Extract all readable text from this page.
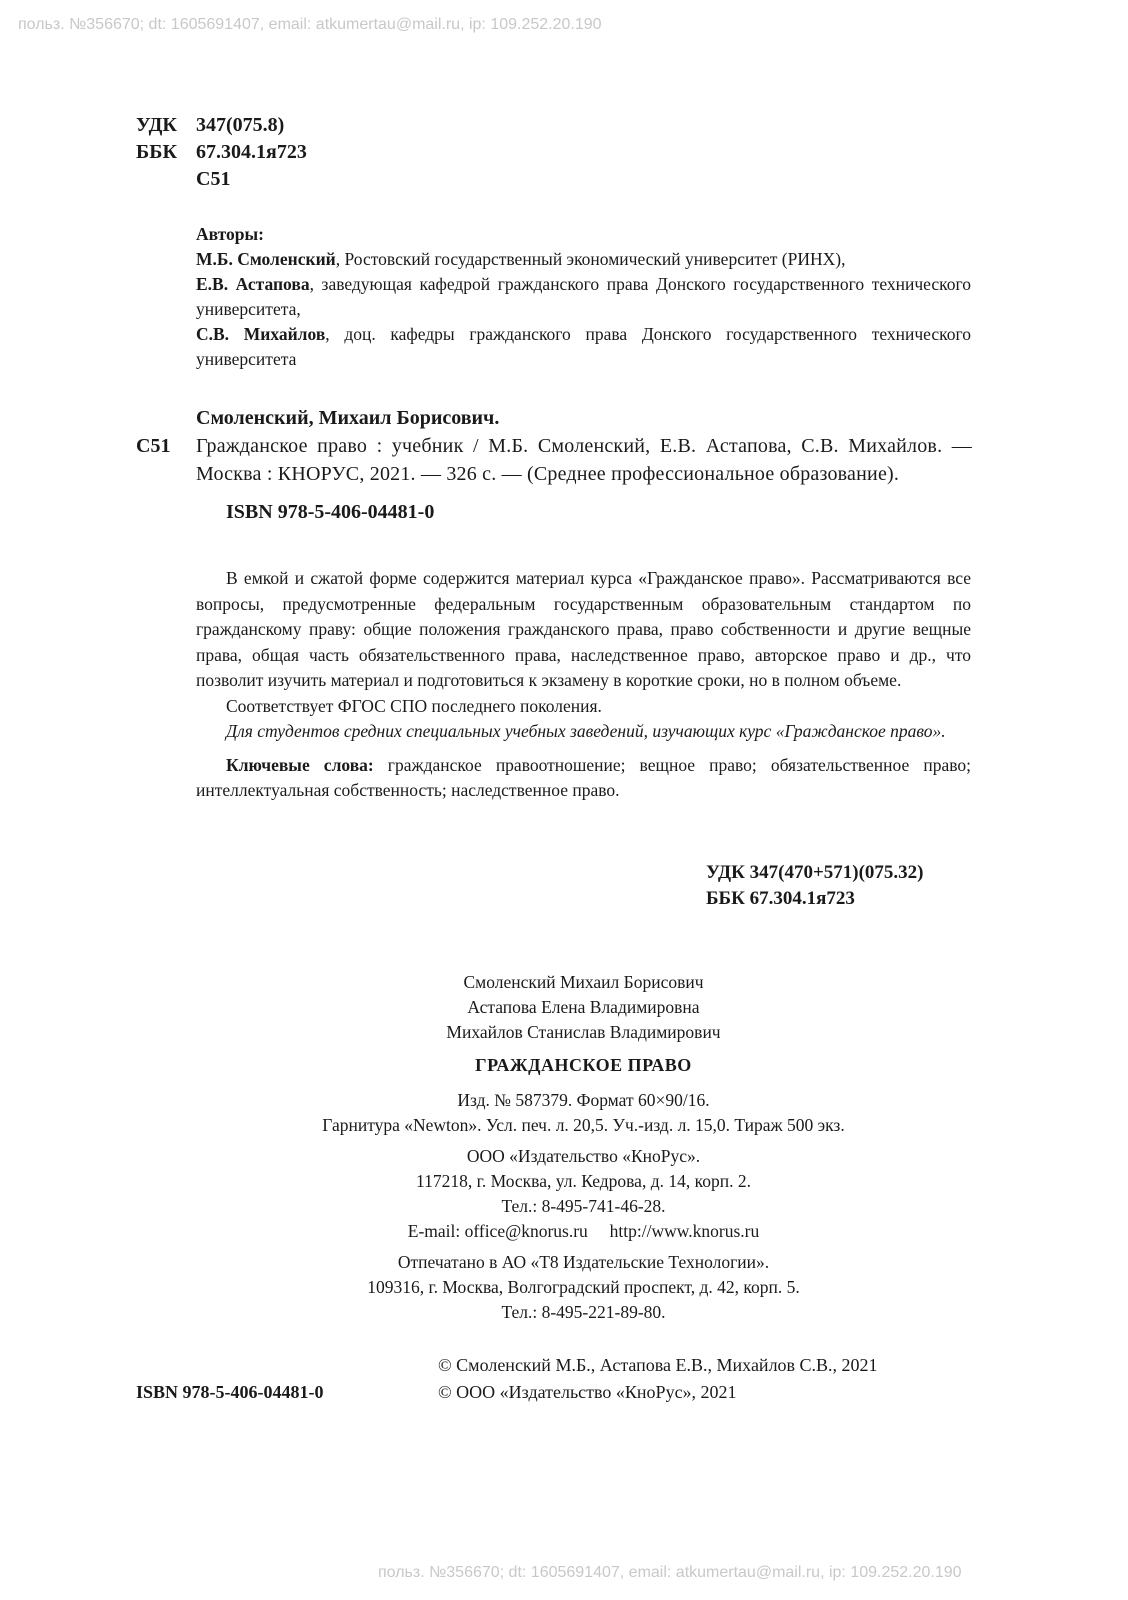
польз. №356670; dt: 1605691407, email: atkumertau@mail.ru, ip: 109.252.20.190
УДК 347(075.8)
ББК 67.304.1я723
С51
Авторы:
М.Б. Смоленский, Ростовский государственный экономический университет (РИНХ),
Е.В. Астапова, заведующая кафедрой гражданского права Донского государственного технического университета,
С.В. Михайлов, доц. кафедры гражданского права Донского государственного технического университета
Смоленский, Михаил Борисович.
С51	Гражданское право : учебник / М.Б. Смоленский, Е.В. Астапова, С.В. Михайлов. — Москва : КНОРУС, 2021. — 326 с. — (Среднее профессиональное образование).
ISBN 978-5-406-04481-0

В емкой и сжатой форме содержится материал курса «Гражданское право». Рассматриваются все вопросы, предусмотренные федеральным государственным образовательным стандартом по гражданскому праву: общие положения гражданского права, право собственности и другие вещные права, общая часть обязательственного права, наследственное право, авторское право и др., что позволит изучить материал и подготовиться к экзамену в короткие сроки, но в полном объеме.

Соответствует ФГОС СПО последнего поколения.

Для студентов средних специальных учебных заведений, изучающих курс «Гражданское право».

Ключевые слова: гражданское правоотношение; вещное право; обязательственное право; интеллектуальная собственность; наследственное право.

УДК 347(470+571)(075.32)
ББК 67.304.1я723
Смоленский Михаил Борисович
Астапова Елена Владимировна
Михайлов Станислав Владимирович
ГРАЖДАНСКОЕ ПРАВО
Изд. № 587379. Формат 60×90/16.
Гарнитура «Newton». Усл. печ. л. 20,5. Уч.-изд. л. 15,0. Тираж 500 экз.
ООО «Издательство «КноРус».
117218, г. Москва, ул. Кедрова, д. 14, корп. 2.
Тел.: 8-495-741-46-28.
E-mail: office@knorus.ru     http://www.knorus.ru
Отпечатано в АО «Т8 Издательские Технологии».
109316, г. Москва, Волгоградский проспект, д. 42, корп. 5.
Тел.: 8-495-221-89-80.
© Смоленский М.Б., Астапова Е.В., Михайлов С.В., 2021
ISBN 978-5-406-04481-0	© ООО «Издательство «КноРус», 2021
польз. №356670; dt: 1605691407, email: atkumertau@mail.ru, ip: 109.252.20.190
